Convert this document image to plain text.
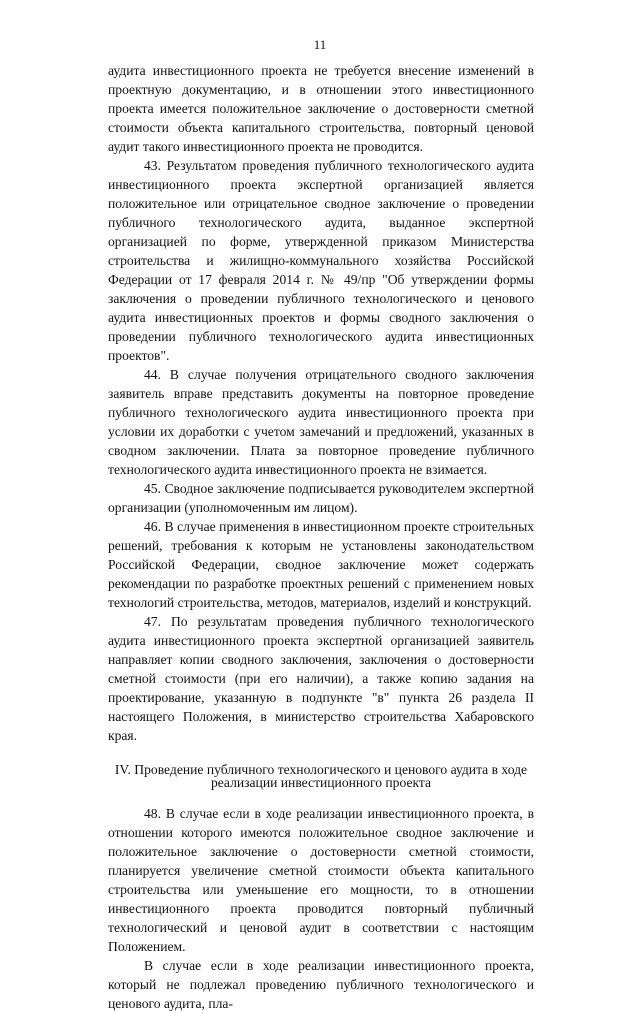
11

аудита инвестиционного проекта не требуется внесение изменений в проектную документацию, и в отношении этого инвестиционного проекта имеется положительное заключение о достоверности сметной стоимости объекта капитального строительства, повторный ценовой аудит такого инвестиционного проекта не проводится.

43. Результатом проведения публичного технологического аудита инвестиционного проекта экспертной организацией является положительное или отрицательное сводное заключение о проведении публичного технологического аудита, выданное экспертной организацией по форме, утвержденной приказом Министерства строительства и жилищно-коммунального хозяйства Российской Федерации от 17 февраля 2014 г. № 49/пр "Об утверждении формы заключения о проведении публичного технологического и ценового аудита инвестиционных проектов и формы сводного заключения о проведении публичного технологического аудита инвестиционных проектов".

44. В случае получения отрицательного сводного заключения заявитель вправе представить документы на повторное проведение публичного технологического аудита инвестиционного проекта при условии их доработки с учетом замечаний и предложений, указанных в сводном заключении. Плата за повторное проведение публичного технологического аудита инвестиционного проекта не взимается.

45. Сводное заключение подписывается руководителем экспертной организации (уполномоченным им лицом).

46. В случае применения в инвестиционном проекте строительных решений, требования к которым не установлены законодательством Российской Федерации, сводное заключение может содержать рекомендации по разработке проектных решений с применением новых технологий строительства, методов, материалов, изделий и конструкций.

47. По результатам проведения публичного технологического аудита инвестиционного проекта экспертной организацией заявитель направляет копии сводного заключения, заключения о достоверности сметной стоимости (при его наличии), а также копию задания на проектирование, указанную в подпункте "в" пункта 26 раздела II настоящего Положения, в министерство строительства Хабаровского края.

IV. Проведение публичного технологического и ценового аудита в ходе реализации инвестиционного проекта

48. В случае если в ходе реализации инвестиционного проекта, в отношении которого имеются положительное сводное заключение и положительное заключение о достоверности сметной стоимости, планируется увеличение сметной стоимости объекта капитального строительства или уменьшение его мощности, то в отношении инвестиционного проекта проводится повторный публичный технологический и ценовой аудит в соответствии с настоящим Положением.

В случае если в ходе реализации инвестиционного проекта, который не подлежал проведению публичного технологического и ценового аудита, пла-
